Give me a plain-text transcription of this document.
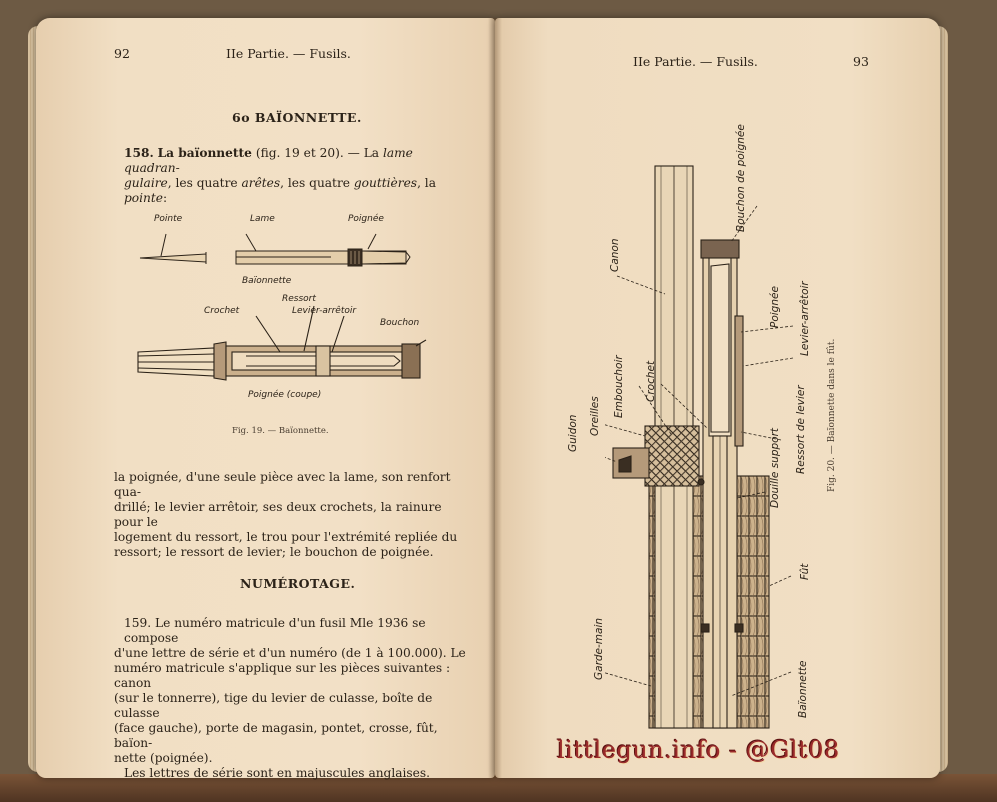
92	IIe Partie. — Fusils.
6o BAÏONNETTE.
158. La baïonnette (fig. 19 et 20). — La lame quadran-
gulaire, les quatre arêtes, les quatre gouttières, la pointe:
Pointe	Lame	Poignée
Baïonnette
Ressort
Levier-arrêtoir
Crochet
Bouchon
Poignée (coupe)
Fig. 19. — Baïonnette.
la poignée, d'une seule pièce avec la lame, son renfort qua-
drillé; le levier arrêtoir, ses deux crochets, la rainure pour le
logement du ressort, le trou pour l'extrémité repliée du
ressort; le ressort de levier; le bouchon de poignée.
NUMÉROTAGE.
159. Le numéro matricule d'un fusil Mle 1936 se compose
d'une lettre de série et d'un numéro (de 1 à 100.000). Le
numéro matricule s'applique sur les pièces suivantes : canon
(sur le tonnerre), tige du levier de culasse, boîte de culasse
(face gauche), porte de magasin, pontet, crosse, fût, baïon-
nette (poignée).
Les lettres de série sont en majuscules anglaises.
IIe Partie. — Fusils.	93
Bouchon de poignée
Canon
Levier-arrêtoir
Poignée
Embouchoir Crochet
Oreilles
Guidon	Ressort de levier
Douille support
Fût
Garde-main
Baïonnette
Fig. 20. — Baïonnette dans le fût.
littlegun.info - @Glt08
